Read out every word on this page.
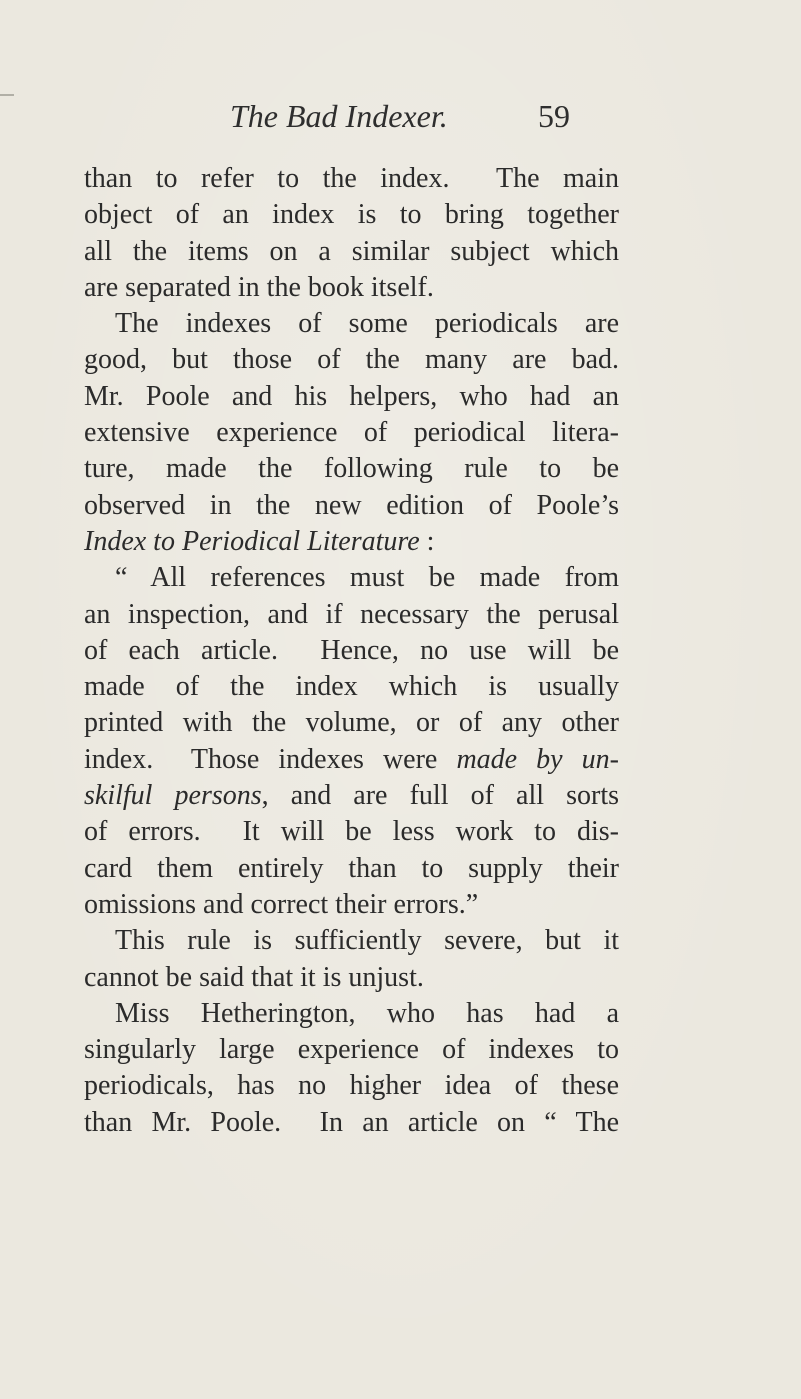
The Bad Indexer.	59
than to refer to the index.  The main
object of an index is to bring together
all the items on a similar subject which
are separated in the book itself.
The indexes of some periodicals are
good, but those of the many are bad.
Mr. Poole and his helpers, who had an
extensive experience of periodical litera-
ture, made the following rule to be
observed in the new edition of Poole’s
Index to Periodical Literature :
“ All references must be made from
an inspection, and if necessary the perusal
of each article.  Hence, no use will be
made of the index which is usually
printed with the volume, or of any other
index.  Those indexes were made by un-
skilful persons, and are full of all sorts
of errors.  It will be less work to dis-
card them entirely than to supply their
omissions and correct their errors.”
This rule is sufficiently severe, but it
cannot be said that it is unjust.
Miss Hetherington, who has had a
singularly large experience of indexes to
periodicals, has no higher idea of these
than Mr. Poole.  In an article on “ The
